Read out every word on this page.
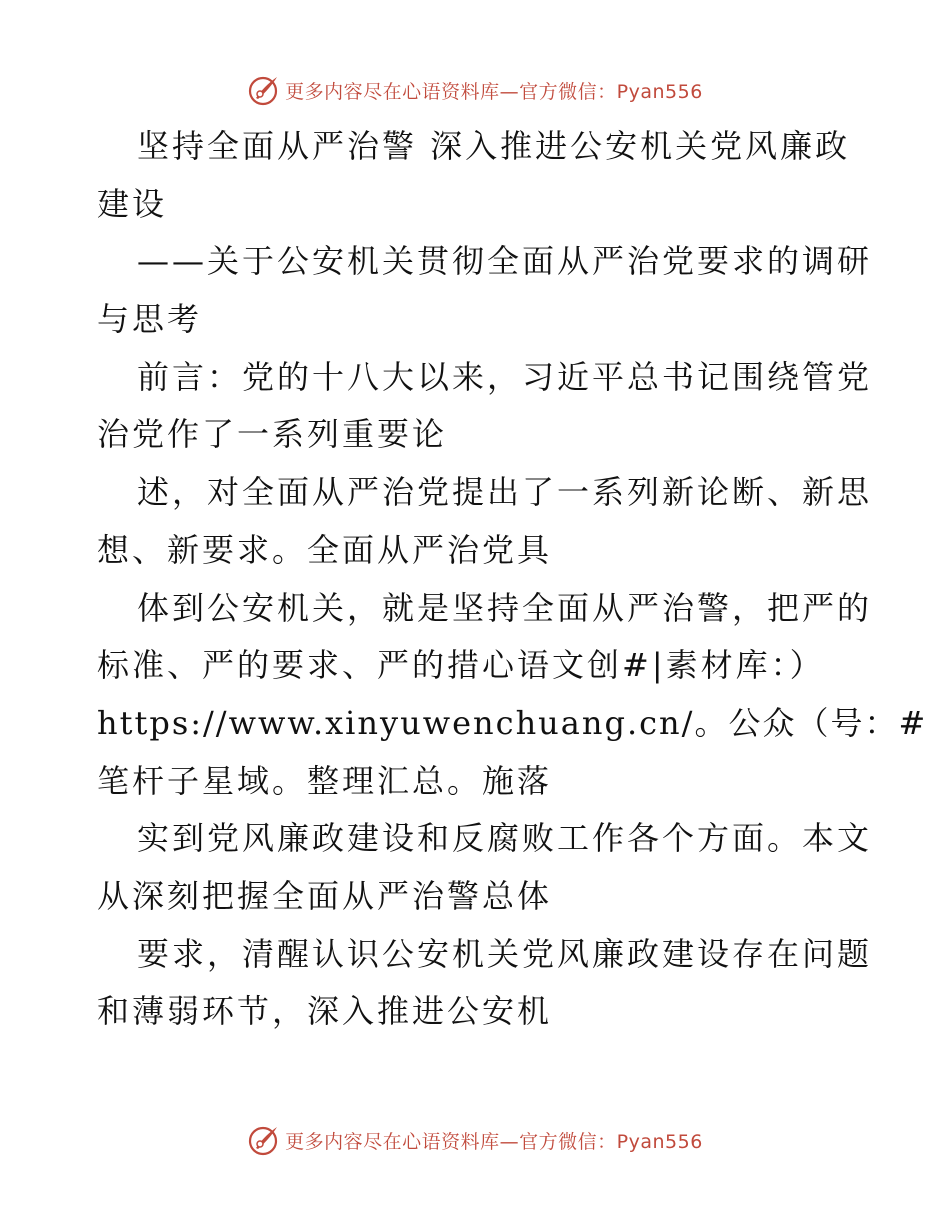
更多内容尽在心语资料库—官方微信：Pyan556
坚持全面从严治警 深入推进公安机关党风廉政
建设
——关于公安机关贯彻全面从严治党要求的调研
与思考
前言：党的十八大以来，习近平总书记围绕管党
治党作了一系列重要论
述，对全面从严治党提出了一系列新论断、新思
想、新要求。全面从严治党具
体到公安机关，就是坚持全面从严治警，把严的
标准、严的要求、严的措心语文创#|素材库：）
https://www.xinyuwenchuang.cn/。公众（号：#
笔杆子星域。整理汇总。施落
实到党风廉政建设和反腐败工作各个方面。本文
从深刻把握全面从严治警总体
要求，清醒认识公安机关党风廉政建设存在问题
和薄弱环节，深入推进公安机
更多内容尽在心语资料库—官方微信：Pyan556
